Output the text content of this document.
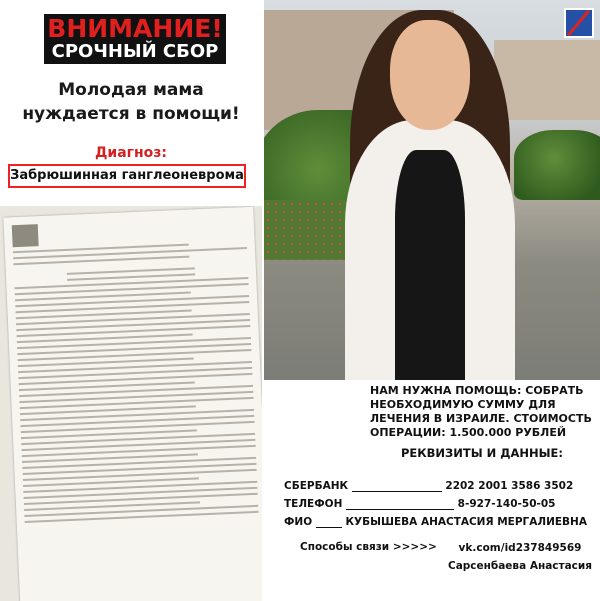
ВНИМАНИЕ!
СРОЧНЫЙ СБОР
Молодая мама нуждается в помощи!
Диагноз:
Забрюшинная ганглеоневрома
НАМ НУЖНА ПОМОЩЬ: СОБРАТЬ НЕОБХОДИМУЮ СУММУ ДЛЯ ЛЕЧЕНИЯ В ИЗРАИЛЕ. СТОИМОСТЬ ОПЕРАЦИИ: 1.500.000 РУБЛЕЙ
РЕКВИЗИТЫ И ДАННЫЕ:
СБЕРБАНК	2202 2001 3586 3502
ТЕЛЕФОН	8-927-140-50-05
ФИО	КУБЫШЕВА АНАСТАСИЯ МЕРГАЛИЕВНА
Способы связи >>>>>	vk.com/id237849569
Сарсенбаева Анастасия
